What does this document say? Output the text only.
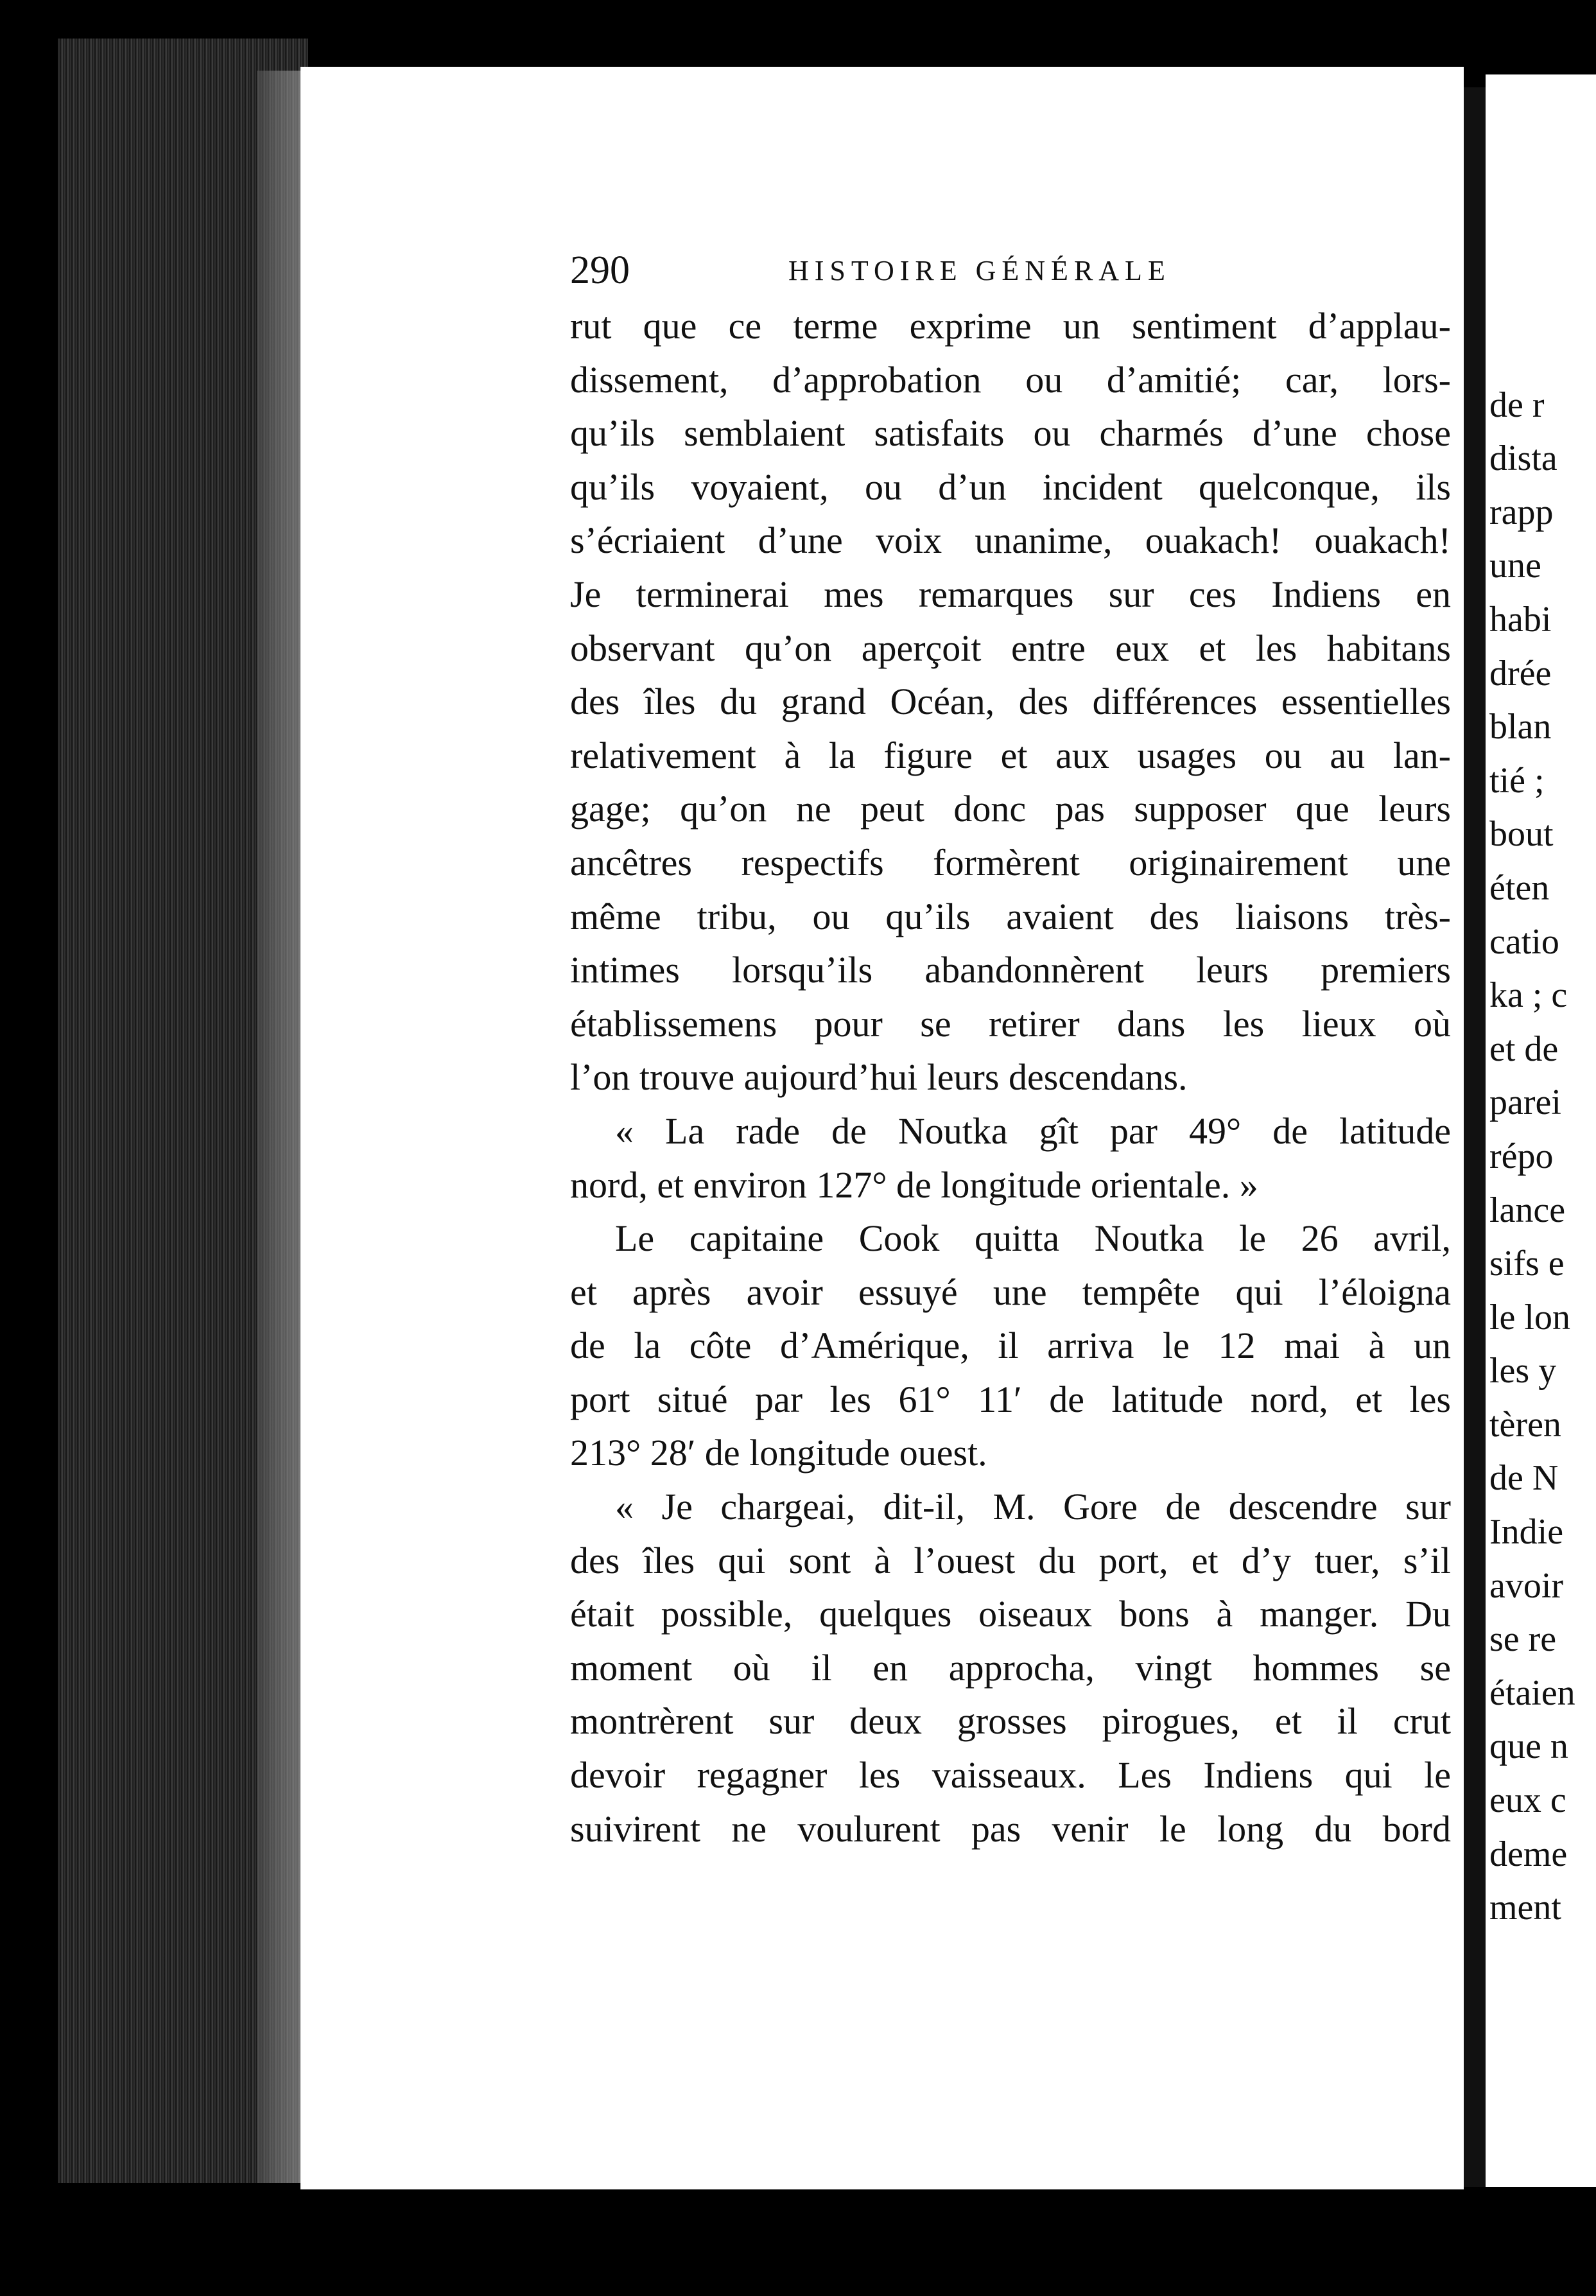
de r
dista
rapp
une
habi
drée
blan
tié ;
bout
éten
catio
ka ; c
et de
parei
répo
lance
sifs e
le lon
les y
tèren
de N
Indie
avoir
se re
étaien
que n
eux c
deme
ment
290	HISTOIRE GÉNÉRALE
rut que ce terme exprime un sentiment d’applau-
dissement, d’approbation ou d’amitié; car, lors-
qu’ils semblaient satisfaits ou charmés d’une chose
qu’ils voyaient, ou d’un incident quelconque, ils
s’écriaient d’une voix unanime, ouakach! ouakach!
Je terminerai mes remarques sur ces Indiens en
observant qu’on aperçoit entre eux et les habitans
des îles du grand Océan, des différences essentielles
relativement à la figure et aux usages ou au lan-
gage; qu’on ne peut donc pas supposer que leurs
ancêtres respectifs formèrent originairement une
même tribu, ou qu’ils avaient des liaisons très-
intimes lorsqu’ils abandonnèrent leurs premiers
établissemens pour se retirer dans les lieux où
l’on trouve aujourd’hui leurs descendans.
« La rade de Noutka gît par 49° de latitude
nord, et environ 127° de longitude orientale. »
Le capitaine Cook quitta Noutka le 26 avril,
et après avoir essuyé une tempête qui l’éloigna
de la côte d’Amérique, il arriva le 12 mai à un
port situé par les 61° 11′ de latitude nord, et les
213° 28′ de longitude ouest.
« Je chargeai, dit-il, M. Gore de descendre sur
des îles qui sont à l’ouest du port, et d’y tuer, s’il
était possible, quelques oiseaux bons à manger. Du
moment où il en approcha, vingt hommes se
montrèrent sur deux grosses pirogues, et il crut
devoir regagner les vaisseaux. Les Indiens qui le
suivirent ne voulurent pas venir le long du bord
